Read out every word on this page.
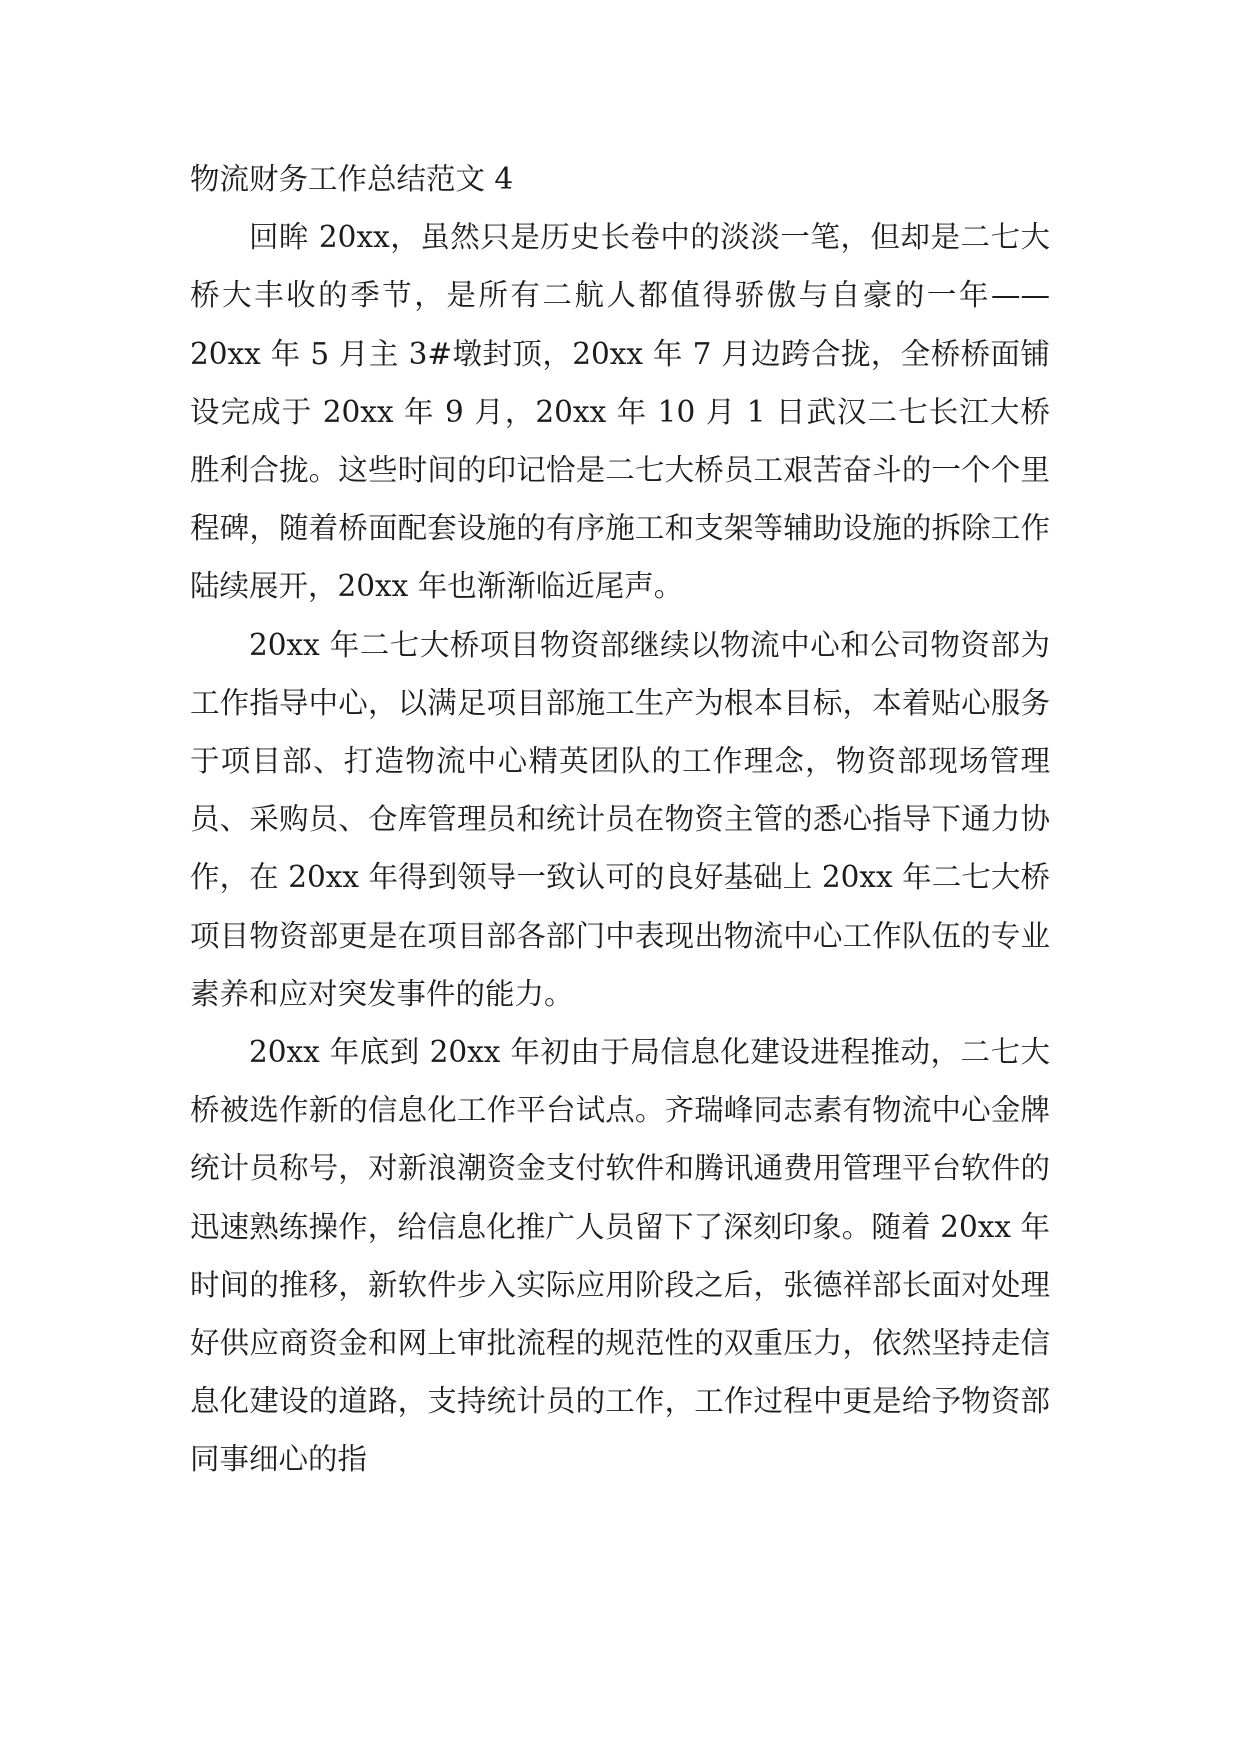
物流财务工作总结范文 4

回眸 20xx，虽然只是历史长卷中的淡淡一笔，但却是二七大桥大丰收的季节，是所有二航人都值得骄傲与自豪的一年——20xx 年 5 月主 3#墩封顶，20xx 年 7 月边跨合拢，全桥桥面铺设完成于 20xx 年 9 月，20xx 年 10 月 1 日武汉二七长江大桥胜利合拢。这些时间的印记恰是二七大桥员工艰苦奋斗的一个个里程碑，随着桥面配套设施的有序施工和支架等辅助设施的拆除工作陆续展开，20xx 年也渐渐临近尾声。

20xx 年二七大桥项目物资部继续以物流中心和公司物资部为工作指导中心，以满足项目部施工生产为根本目标，本着贴心服务于项目部、打造物流中心精英团队的工作理念，物资部现场管理员、采购员、仓库管理员和统计员在物资主管的悉心指导下通力协作，在 20xx 年得到领导一致认可的良好基础上 20xx 年二七大桥项目物资部更是在项目部各部门中表现出物流中心工作队伍的专业素养和应对突发事件的能力。

20xx 年底到 20xx 年初由于局信息化建设进程推动，二七大桥被选作新的信息化工作平台试点。齐瑞峰同志素有物流中心金牌统计员称号，对新浪潮资金支付软件和腾讯通费用管理平台软件的迅速熟练操作，给信息化推广人员留下了深刻印象。随着 20xx 年时间的推移，新软件步入实际应用阶段之后，张德祥部长面对处理好供应商资金和网上审批流程的规范性的双重压力，依然坚持走信息化建设的道路，支持统计员的工作，工作过程中更是给予物资部同事细心的指
